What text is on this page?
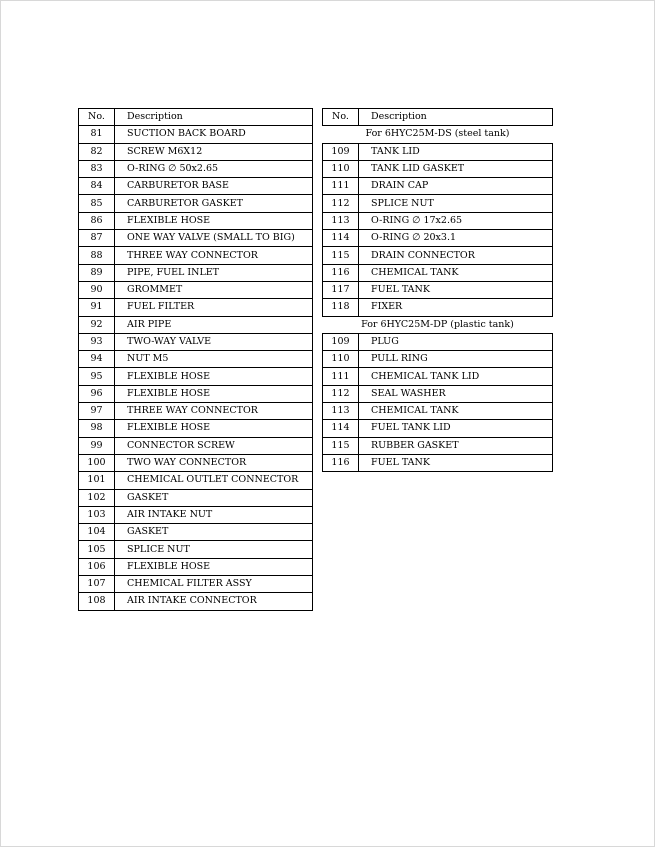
No.	Description
81	SUCTION BACK BOARD
82	SCREW M6X12
83	O-RING ∅ 50x2.65
84	CARBURETOR BASE
85	CARBURETOR GASKET
86	FLEXIBLE HOSE
87	ONE WAY VALVE (SMALL TO BIG)
88	THREE WAY CONNECTOR
89	PIPE, FUEL INLET
90	GROMMET
91	FUEL FILTER
92	AIR PIPE
93	TWO-WAY VALVE
94	NUT M5
95	FLEXIBLE HOSE
96	FLEXIBLE HOSE
97	THREE WAY CONNECTOR
98	FLEXIBLE HOSE
99	CONNECTOR SCREW
100	TWO WAY CONNECTOR
101	CHEMICAL OUTLET CONNECTOR
102	GASKET
103	AIR INTAKE NUT
104	GASKET
105	SPLICE NUT
106	FLEXIBLE HOSE
107	CHEMICAL FILTER ASSY
108	AIR INTAKE CONNECTOR
No.	Description
For 6HYC25M-DS (steel tank)	
109	TANK LID
110	TANK LID GASKET
111	DRAIN CAP
112	SPLICE NUT
113	O-RING ∅ 17x2.65
114	O-RING ∅ 20x3.1
115	DRAIN CONNECTOR
116	CHEMICAL TANK
117	FUEL TANK
118	FIXER
For 6HYC25M-DP (plastic tank)	
109	PLUG
110	PULL RING
111	CHEMICAL TANK LID
112	SEAL WASHER
113	CHEMICAL TANK
114	FUEL TANK LID
115	RUBBER GASKET
116	FUEL TANK
